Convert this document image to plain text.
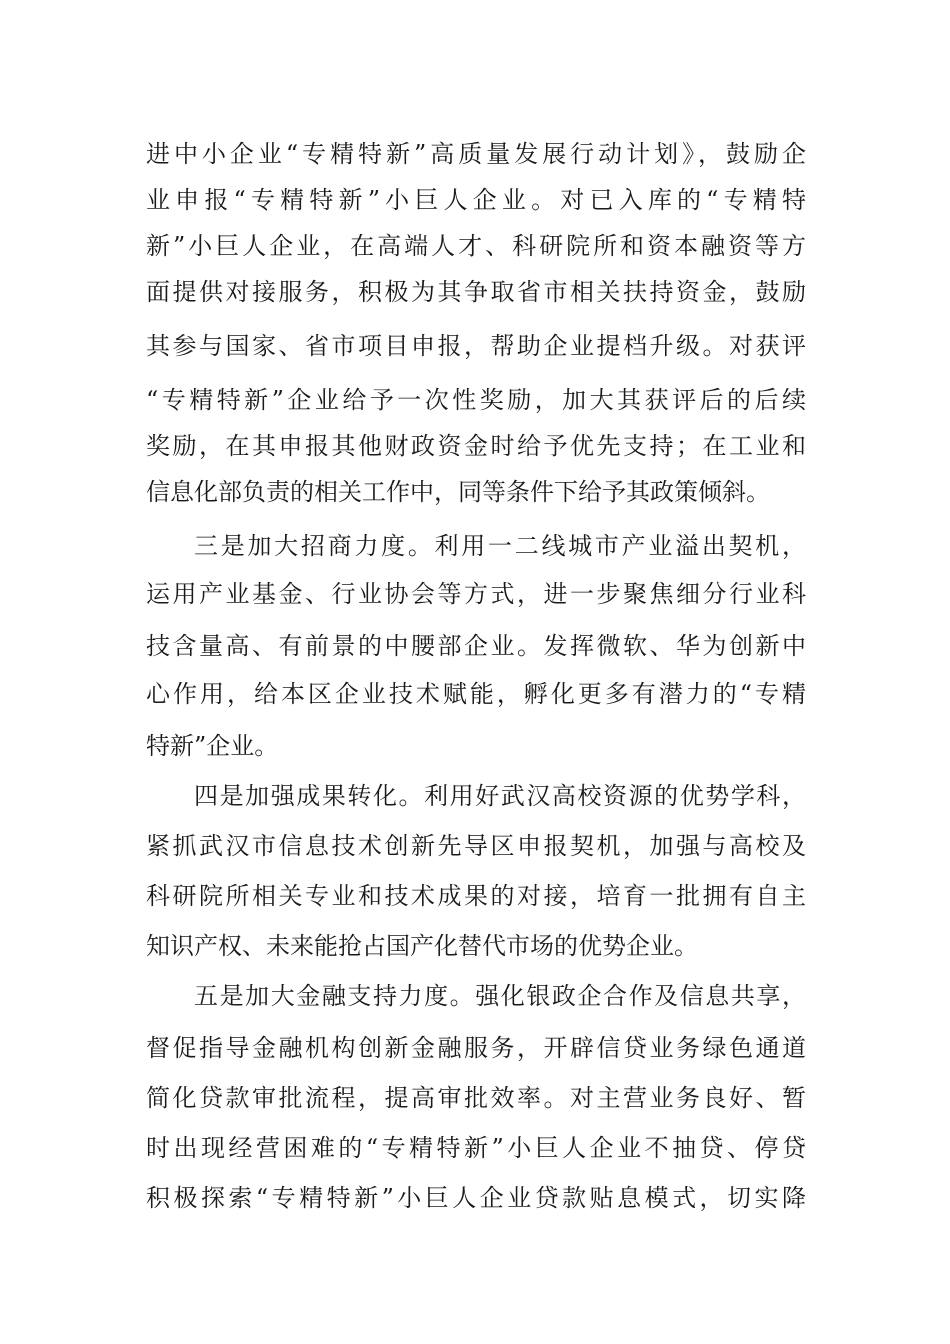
进中小企业“专精特新”高质量发展行动计划》，鼓励企
业申报“专精特新”小巨人企业。对已入库的“专精特
新”小巨人企业，在高端人才、科研院所和资本融资等方
面提供对接服务，积极为其争取省市相关扶持资金，鼓励
其参与国家、省市项目申报，帮助企业提档升级。对获评
“专精特新”企业给予一次性奖励，加大其获评后的后续
奖励，在其申报其他财政资金时给予优先支持；在工业和
信息化部负责的相关工作中，同等条件下给予其政策倾斜。
三是加大招商力度。利用一二线城市产业溢出契机，
运用产业基金、行业协会等方式，进一步聚焦细分行业科
技含量高、有前景的中腰部企业。发挥微软、华为创新中
心作用，给本区企业技术赋能，孵化更多有潜力的“专精
特新”企业。
四是加强成果转化。利用好武汉高校资源的优势学科，
紧抓武汉市信息技术创新先导区申报契机，加强与高校及
科研院所相关专业和技术成果的对接，培育一批拥有自主
知识产权、未来能抢占国产化替代市场的优势企业。
五是加大金融支持力度。强化银政企合作及信息共享，
督促指导金融机构创新金融服务，开辟信贷业务绿色通道
简化贷款审批流程，提高审批效率。对主营业务良好、暂
时出现经营困难的“专精特新”小巨人企业不抽贷、停贷
积极探索“专精特新”小巨人企业贷款贴息模式，切实降
